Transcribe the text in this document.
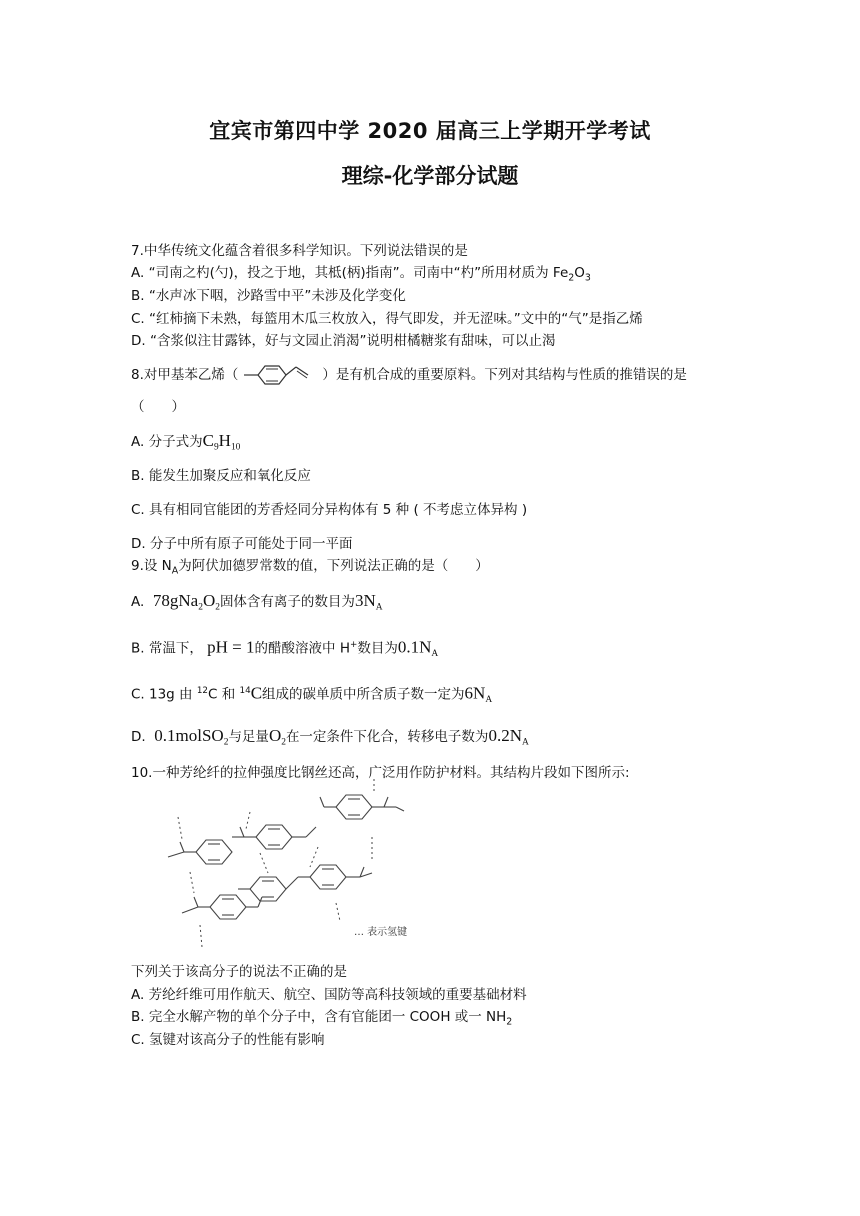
宜宾市第四中学 2020 届高三上学期开学考试
理综-化学部分试题
7.中华传统文化蕴含着很多科学知识。下列说法错误的是
A. “司南之杓(勺)，投之于地，其柢(柄)指南”。司南中“杓”所用材质为 $Fe_2O_3$
B. “水声冰下咽，沙路雪中平”未涉及化学变化
C. “红柿摘下未熟，每篮用木瓜三枚放入，得气即发，并无涩味。”文中的“气”是指乙烯
D. “含浆似注甘露钵，好与文园止消渴”说明柑橘糖浆有甜味，可以止渴
8.对甲基苯乙烯（	）是有机合成的重要原料。下列对其结构与性质的推错误的是
（　　）
A. 分子式为$C_9H_{10}$
B. 能发生加聚反应和氧化反应
C. 具有相同官能团的芳香烃同分异构体有 5 种 ( 不考虑立体异构 )
D. 分子中所有原子可能处于同一平面
9.设 $N_A$为阿伏加德罗常数的值，下列说法正确的是（　　）
A. $78gNa_2O_2$固体含有离子的数目为$3N_A$
B. 常温下， pH = 1的醋酸溶液中 H+数目为$0.1N_A$
C. 13g 由 $^{12}$C 和 $^{14}$C组成的碳单质中所含质子数一定为$6N_A$
D. 0.1molSO$_2$与足量$O_2$在一定条件下化合，转移电子数为$0.2N_A$
10.一种芳纶纤的拉伸强度比钢丝还高，广泛用作防护材料。其结构片段如下图所示:
… 表示氢键
下列关于该高分子的说法不正确的是
A. 芳纶纤维可用作航天、航空、国防等高科技领域的重要基础材料
B. 完全水解产物的单个分子中，含有官能团一 COOH 或一 $NH_2$
C. 氢键对该高分子的性能有影响
